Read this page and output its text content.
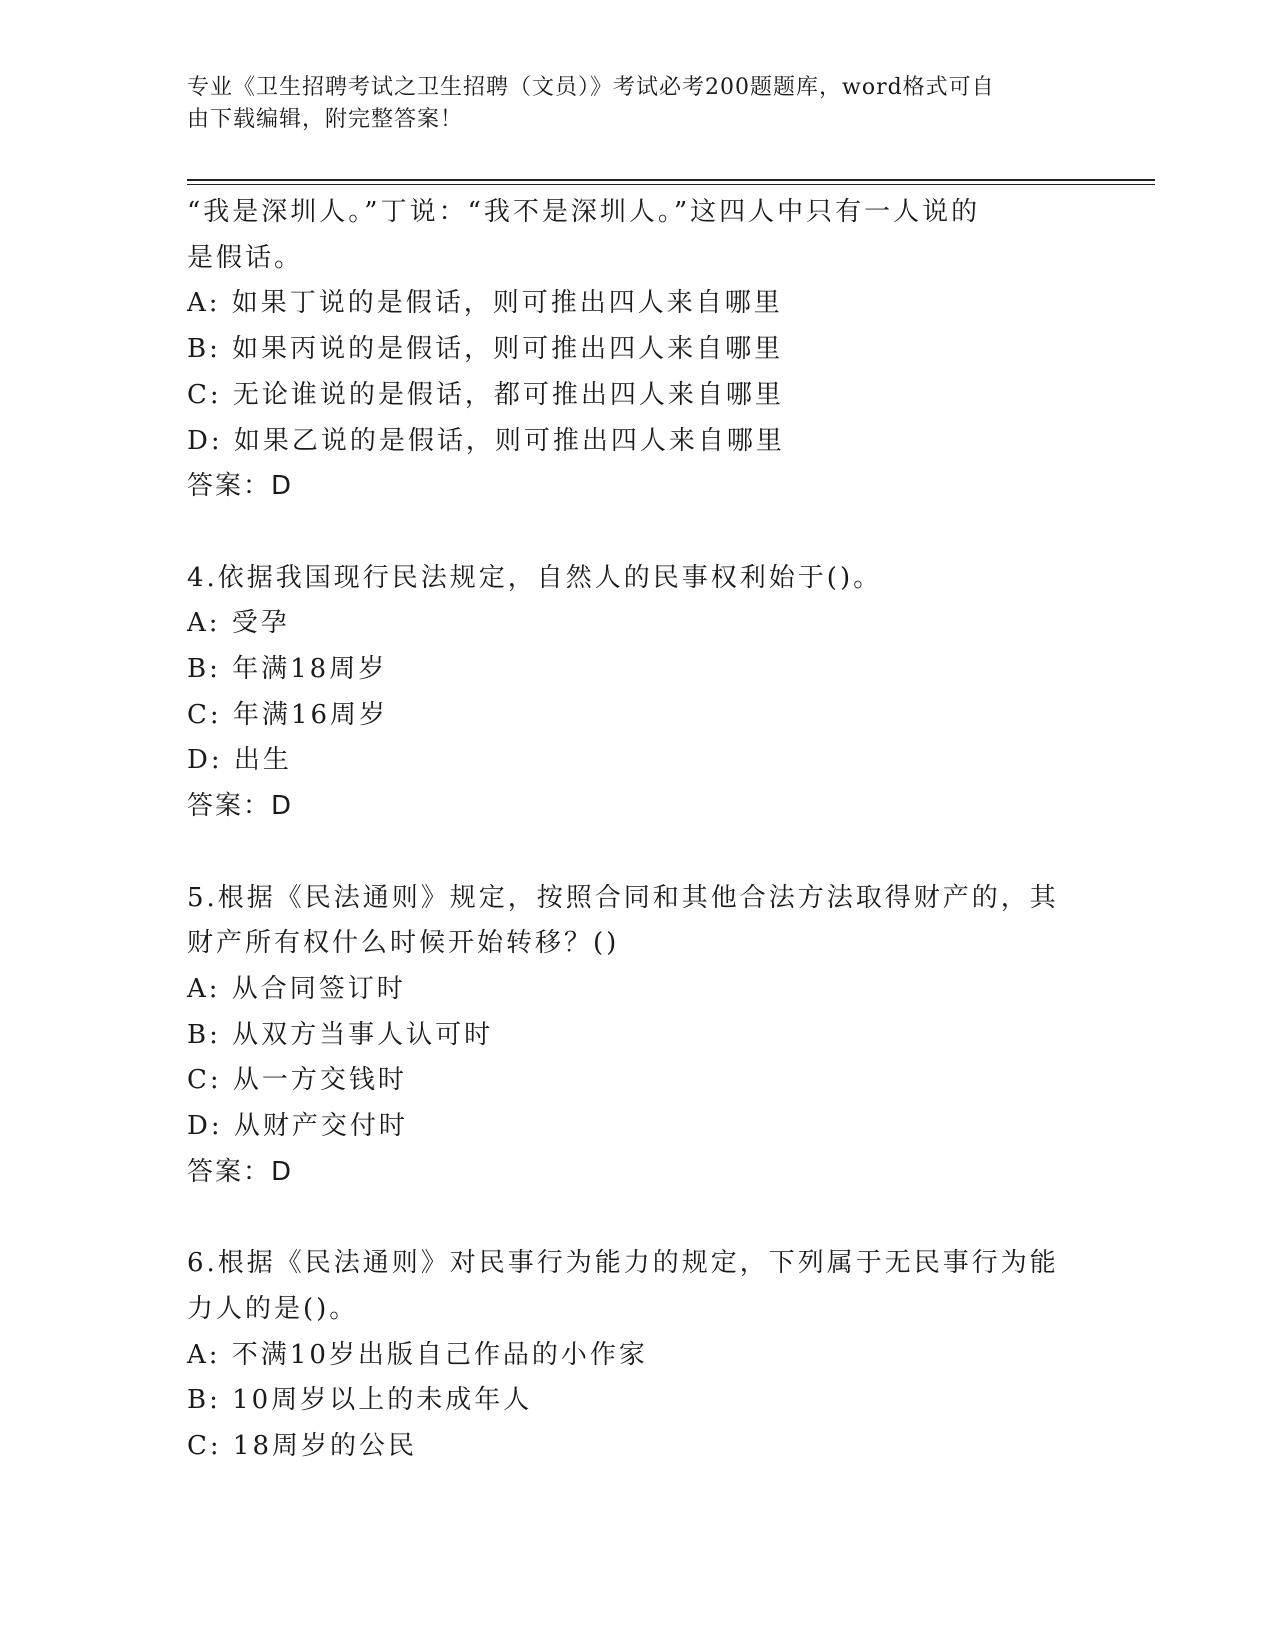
专业《卫生招聘考试之卫生招聘（文员）》考试必考200题题库，word格式可自
由下载编辑，附完整答案！
“我是深圳人。”丁说：“我不是深圳人。”这四人中只有一人说的
是假话。
A: 如果丁说的是假话，则可推出四人来自哪里
B: 如果丙说的是假话，则可推出四人来自哪里
C: 无论谁说的是假话，都可推出四人来自哪里
D: 如果乙说的是假话，则可推出四人来自哪里
答案：D
4.依据我国现行民法规定，自然人的民事权利始于()。
A: 受孕
B: 年满18周岁
C: 年满16周岁
D: 出生
答案：D
5.根据《民法通则》规定，按照合同和其他合法方法取得财产的，其
财产所有权什么时候开始转移？()
A: 从合同签订时
B: 从双方当事人认可时
C: 从一方交钱时
D: 从财产交付时
答案：D
6.根据《民法通则》对民事行为能力的规定，下列属于无民事行为能
力人的是()。
A: 不满10岁出版自己作品的小作家
B: 10周岁以上的未成年人
C: 18周岁的公民
